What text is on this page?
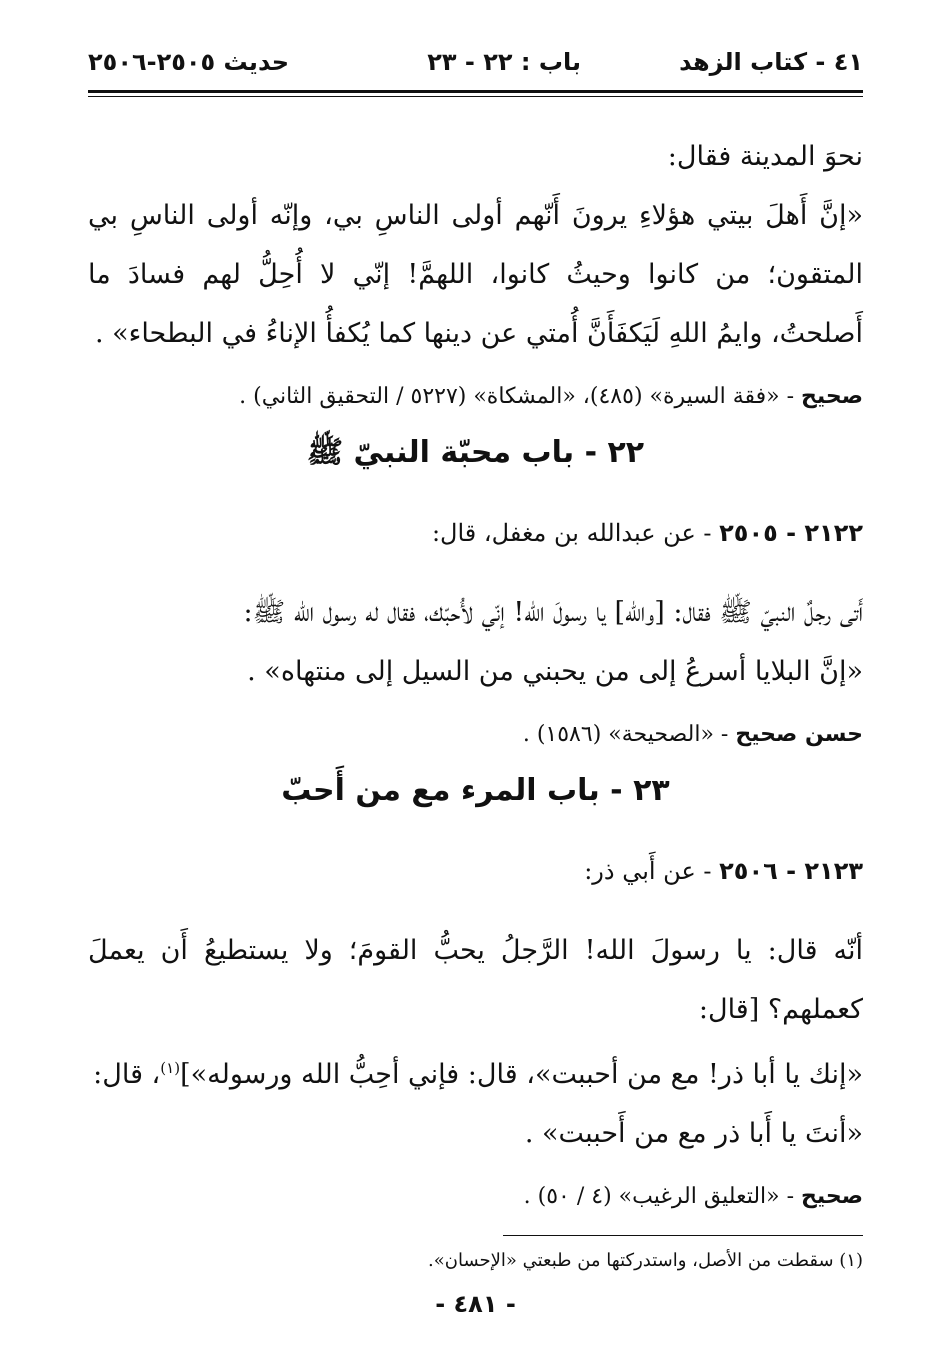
٤١ - كتاب الزهد
باب : ٢٢ - ٢٣
حديث ٢٥٠٥-٢٥٠٦

نحوَ المدينة فقال:

«إنَّ أَهلَ بيتي هؤلاءِ يرونَ أَنّهم أولى الناسِ بي، وإنّه أولى الناسِ بي المتقون؛ من كانوا وحيثُ كانوا، اللهمَّ! إنّي لا أُحِلُّ لهم فسادَ ما أَصلحتُ، وايمُ اللهِ لَيَكفَأَنَّ أُمتي عن دينها كما يُكفأُ الإناءُ في البطحاء» .

صحيح - «فقة السيرة» (٤٨٥)، «المشكاة» (٥٢٢٧ / التحقيق الثاني) .

٢٢ - باب محبّة النبيّ ﷺ

٢١٢٢ - ٢٥٠٥ - عن عبدالله بن مغفل، قال:

أَتى رجلٌ النبيّ ﷺ فقال: [والله] يا رسولَ الله! إنّي لأُحبّك، فقال له رسول الله ﷺ:

«إنَّ البلايا أسرعُ إلى من يحبني من السيل إلى منتهاه» .

حسن صحيح - «الصحيحة» (١٥٨٦) .

٢٣ - باب المرء مع من أَحبّ

٢١٢٣ - ٢٥٠٦ - عن أَبي ذر:

أنّه قال: يا رسولَ الله! الرَّجلُ يحبُّ القومَ؛ ولا يستطيعُ أَن يعملَ كعملهم؟ [قال:

«إنك يا أبا ذر! مع من أحببت»، قال: فإني أحِبُّ الله ورسوله»]$^{(١)}$، قال:

«أنتَ يا أَبا ذر مع من أَحببت» .

صحيح - «التعليق الرغيب» (٤ / ٥٠) .

(١) سقطت من الأصل، واستدركتها من طبعتي «الإحسان».

- ٤٨١ -
